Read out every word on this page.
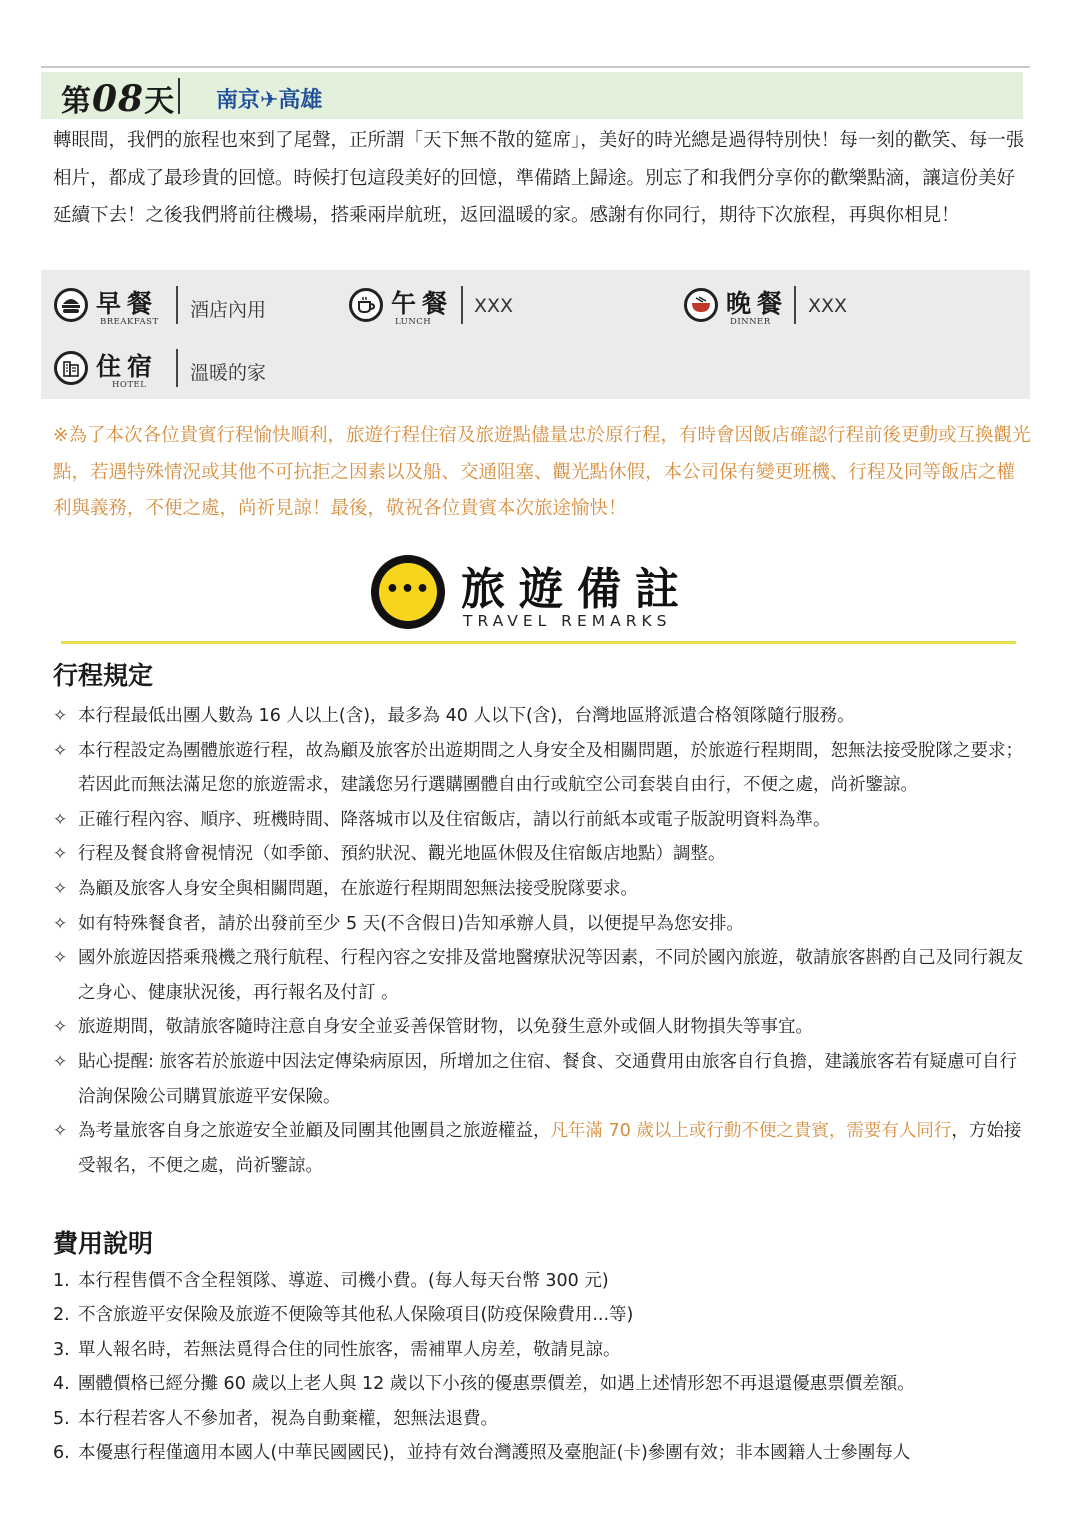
第08天 南京✈高雄
轉眼間，我們的旅程也來到了尾聲，正所謂「天下無不散的筵席」，美好的時光總是過得特別快！每一刻的歡笑、每一張相片，都成了最珍貴的回憶。時候打包這段美好的回憶，準備踏上歸途。別忘了和我們分享你的歡樂點滴，讓這份美好延續下去！之後我們將前往機場，搭乘兩岸航班，返回溫暖的家。感謝有你同行，期待下次旅程，再與你相見！
早餐
BREAKFAST
酒店內用	午餐
LUNCH
XXX	晚餐
DINNER
XXX
住宿
HOTEL
溫暖的家
※為了本次各位貴賓行程愉快順利，旅遊行程住宿及旅遊點儘量忠於原行程，有時會因飯店確認行程前後更動或互換觀光點，若遇特殊情況或其他不可抗拒之因素以及船、交通阻塞、觀光點休假，本公司保有變更班機、行程及同等飯店之權利與義務，不便之處，尚祈見諒！最後，敬祝各位貴賓本次旅途愉快！
••• 旅遊備註
TRAVEL REMARKS
行程規定
✧ 本行程最低出團人數為 16 人以上(含)，最多為 40 人以下(含)，台灣地區將派遣合格領隊隨行服務。
✧ 本行程設定為團體旅遊行程，故為顧及旅客於出遊期間之人身安全及相關問題，於旅遊行程期間，恕無法接受脫隊之要求；若因此而無法滿足您的旅遊需求，建議您另行選購團體自由行或航空公司套裝自由行，不便之處，尚祈鑒諒。
✧ 正確行程內容、順序、班機時間、降落城市以及住宿飯店，請以行前紙本或電子版說明資料為準。
✧ 行程及餐食將會視情況（如季節、預約狀況、觀光地區休假及住宿飯店地點）調整。
✧ 為顧及旅客人身安全與相關問題，在旅遊行程期間恕無法接受脫隊要求。
✧ 如有特殊餐食者，請於出發前至少 5 天(不含假日)告知承辦人員，以便提早為您安排。
✧ 國外旅遊因搭乘飛機之飛行航程、行程內容之安排及當地醫療狀況等因素，不同於國內旅遊，敬請旅客斟酌自己及同行親友之身心、健康狀況後，再行報名及付訂 。
✧ 旅遊期間，敬請旅客隨時注意自身安全並妥善保管財物，以免發生意外或個人財物損失等事宜。
✧ 貼心提醒: 旅客若於旅遊中因法定傳染病原因，所增加之住宿、餐食、交通費用由旅客自行負擔，建議旅客若有疑慮可自行洽詢保險公司購買旅遊平安保險。
✧ 為考量旅客自身之旅遊安全並顧及同團其他團員之旅遊權益，凡年滿 70 歲以上或行動不便之貴賓，需要有人同行，方始接受報名，不便之處，尚祈鑒諒。
費用說明
1. 本行程售價不含全程領隊、導遊、司機小費。(每人每天台幣 300 元)
2. 不含旅遊平安保險及旅遊不便險等其他私人保險項目(防疫保險費用...等)
3. 單人報名時，若無法覓得合住的同性旅客，需補單人房差，敬請見諒。
4. 團體價格已經分攤 60 歲以上老人與 12 歲以下小孩的優惠票價差，如遇上述情形恕不再退還優惠票價差額。
5. 本行程若客人不參加者，視為自動棄權，恕無法退費。
6. 本優惠行程僅適用本國人(中華民國國民)，並持有效台灣護照及臺胞証(卡)參團有效；非本國籍人士參團每人
